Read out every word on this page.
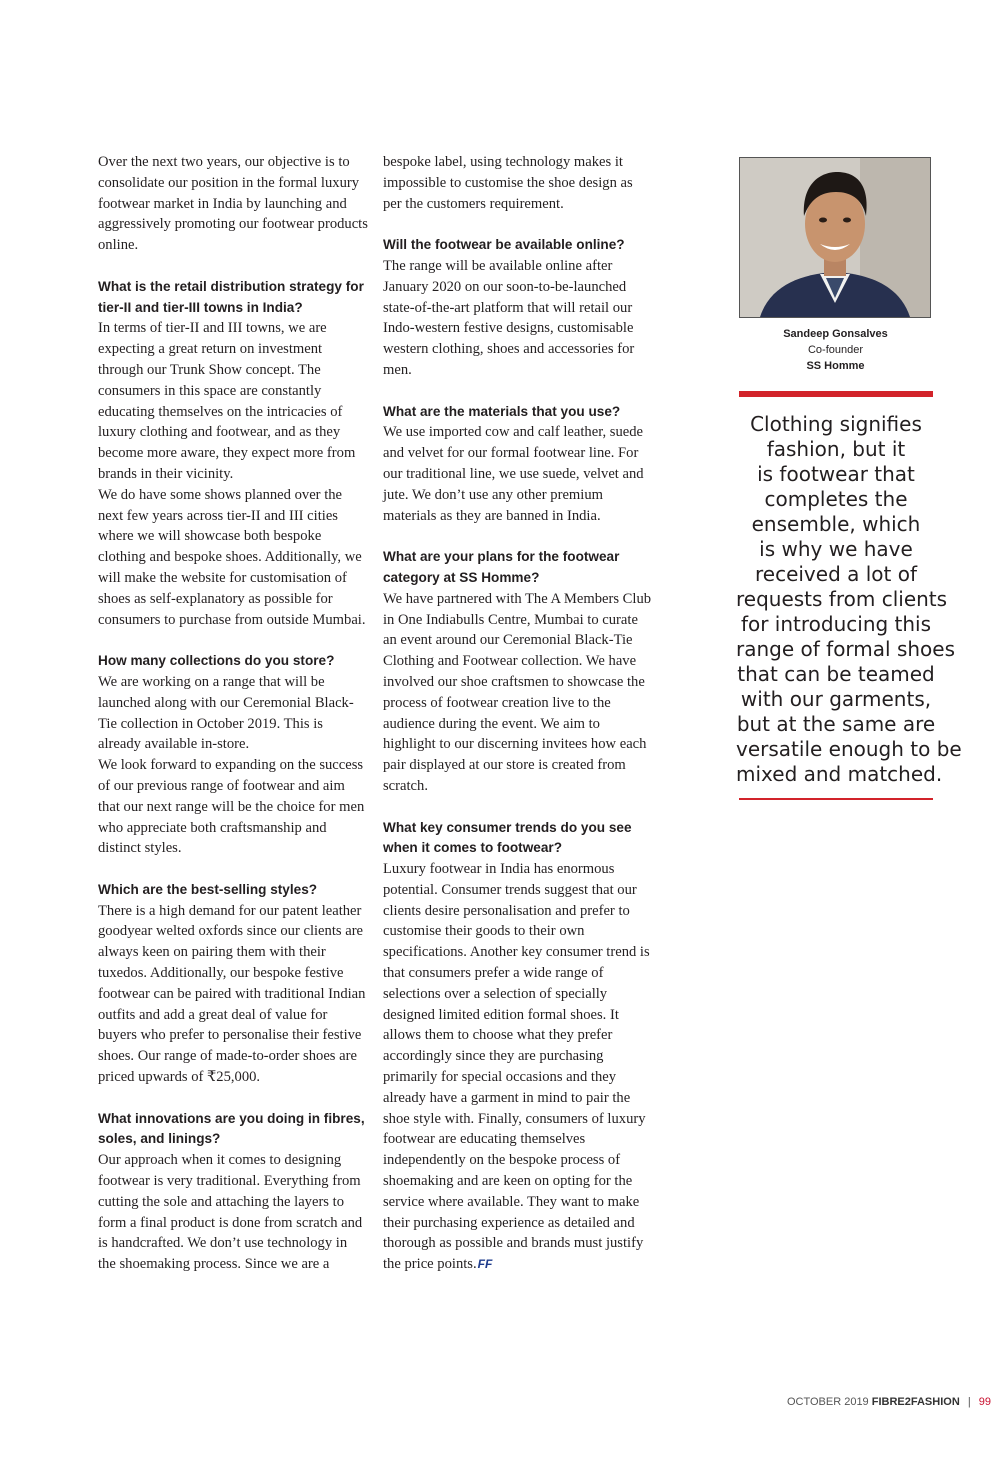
Over the next two years, our objective is to consolidate our position in the formal luxury footwear market in India by launching and aggressively promoting our footwear products online.

What is the retail distribution strategy for tier-II and tier-III towns in India?

In terms of tier-II and III towns, we are expecting a great return on investment through our Trunk Show concept. The consumers in this space are constantly educating themselves on the intricacies of luxury clothing and footwear, and as they become more aware, they expect more from brands in their vicinity.

We do have some shows planned over the next few years across tier-II and III cities where we will showcase both bespoke clothing and bespoke shoes. Additionally, we will make the website for customisation of shoes as self-explanatory as possible for consumers to purchase from outside Mumbai.

How many collections do you store?

We are working on a range that will be launched along with our Ceremonial Black-Tie collection in October 2019. This is already available in-store.

We look forward to expanding on the success of our previous range of footwear and aim that our next range will be the choice for men who appreciate both craftsmanship and distinct styles.

Which are the best-selling styles?

There is a high demand for our patent leather goodyear welted oxfords since our clients are always keen on pairing them with their tuxedos. Additionally, our bespoke festive footwear can be paired with traditional Indian outfits and add a great deal of value for buyers who prefer to personalise their festive shoes. Our range of made-to-order shoes are priced upwards of ₹25,000.

What innovations are you doing in fibres, soles, and linings?

Our approach when it comes to designing footwear is very traditional. Everything from cutting the sole and attaching the layers to form a final product is done from scratch and is handcrafted. We don’t use technology in the shoemaking process. Since we are a

bespoke label, using technology makes it impossible to customise the shoe design as per the customers requirement.

Will the footwear be available online?

The range will be available online after January 2020 on our soon-to-be-launched state-of-the-art platform that will retail our Indo-western festive designs, customisable western clothing, shoes and accessories for men.

What are the materials that you use?

We use imported cow and calf leather, suede and velvet for our formal footwear line. For our traditional line, we use suede, velvet and jute. We don’t use any other premium materials as they are banned in India.

What are your plans for the footwear category at SS Homme?

We have partnered with The A Members Club in One Indiabulls Centre, Mumbai to curate an event around our Ceremonial Black-Tie Clothing and Footwear collection. We have involved our shoe craftsmen to showcase the process of footwear creation live to the audience during the event. We aim to highlight to our discerning invitees how each pair displayed at our store is created from scratch.

What key consumer trends do you see when it comes to footwear?

Luxury footwear in India has enormous potential. Consumer trends suggest that our clients desire personalisation and prefer to customise their goods to their own specifications. Another key consumer trend is that consumers prefer a wide range of selections over a selection of specially designed limited edition formal shoes. It allows them to choose what they prefer accordingly since they are purchasing primarily for special occasions and they already have a garment in mind to pair the shoe style with. Finally, consumers of luxury footwear are educating themselves independently on the bespoke process of shoemaking and are keen on opting for the service where available. They want to make their purchasing experience as detailed and thorough as possible and brands must justify the price points.FF

Sandeep Gonsalves
Co-founder
SS Homme
Clothing signifies
fashion, but it
is footwear that
completes the
ensemble, which
is why we have
received a lot of
requests from clients
for introducing this
range of formal shoes
that can be teamed
with our garments,
but at the same are
versatile enough to be
mixed and matched.
OCTOBER 2019 FIBRE2FASHION | 99
